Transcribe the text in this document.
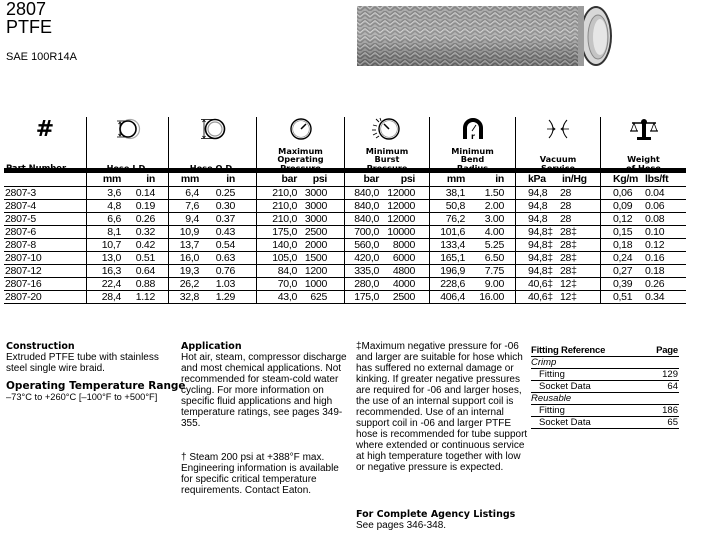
2807
PTFE
SAE 100R14A
#
Part Number	Hose I.D.	Hose O.D.
Maximum
Operating
Pressure
Minimum
Burst
Pressure
r
Minimum
Bend
Radius
Vacuum
Service
Weight
of Hose
mm	in	mm	in	bar	psi	bar	psi	mm	in	kPa	in/Hg	Kg/m lbs/ft
2807-3	3,6	0.14	6,4	0.25	210,0 3000	840,0 12000	38,1	1.50	94,8	28	0,06	0.04
2807-4	4,8	0.19	7,6	0.30	210,0 3000	840,0 12000	50,8	2.00	94,8	28	0,09	0.06
2807-5	6,6	0.26	9,4	0.37	210,0 3000	840,0 12000	76,2	3.00	94,8	28	0,12	0.08
2807-6	8,1	0.32	10,9	0.43	175,0 2500	700,0 10000	101,6	4.00	94,8‡ 28‡	0,15	0.10
2807-8	10,7	0.42	13,7	0.54	140,0 2000	560,0	8000	133,4	5.25	94,8‡ 28‡	0,18	0.12
2807-10	13,0	0.51	16,0	0.63	105,0 1500	420,0	6000	165,1	6.50	94,8‡ 28‡	0,24	0.16
2807-12	16,3	0.64	19,3	0.76	84,0 1200	335,0	4800	196,9	7.75	94,8‡ 28‡	0,27	0.18
2807-16	22,4	0.88	26,2	1.03	70,0 1000	280,0	4000	228,6	9.00	40,6‡ 12‡	0,39	0.26
2807-20	28,4	1.12	32,8	1.29	43,0	625	175,0	2500	406,4	16.00	40,6‡ 12‡	0,51	0.34
Construction
Extruded PTFE tube with stainless steel single wire braid.
Operating Temperature Range
–73°C to +260°C [–100°F to +500°F]
Application
Hot air, steam, compressor discharge and most chemical applications. Not recommended for steam-cold water cycling. For more information on specific fluid applications and high temperature ratings, see pages 349-355.
† Steam 200 psi at +388°F max. Engineering information is available for specific critical temperature requirements. Contact Eaton.
‡Maximum negative pressure for -06 and larger are suitable for hose which has suffered no external damage or kinking. If greater negative pressures are required for -06 and larger hoses, the use of an internal support coil is recommended. Use of an internal support coil in -06 and larger PTFE hose is recommended for tube support where extended or continuous service at high temperature together with low or negative pressure is expected.
For Complete Agency Listings
See pages 346-348.
Fitting Reference	Page
Crimp
Fitting	129
Socket Data	64
Reusable
Fitting	186
Socket Data	65
